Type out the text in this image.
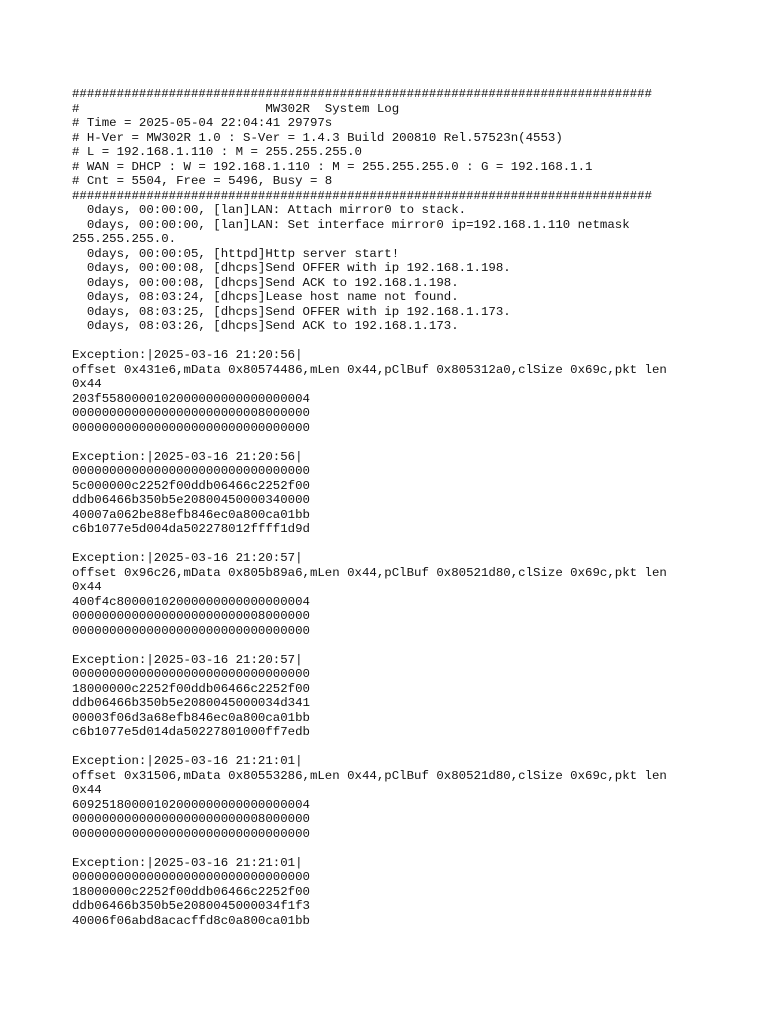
##############################################################################
#                         MW302R  System Log
# Time = 2025-05-04 22:04:41 29797s
# H-Ver = MW302R 1.0 : S-Ver = 1.4.3 Build 200810 Rel.57523n(4553)
# L = 192.168.1.110 : M = 255.255.255.0
# WAN = DHCP : W = 192.168.1.110 : M = 255.255.255.0 : G = 192.168.1.1
# Cnt = 5504, Free = 5496, Busy = 8
##############################################################################
0days, 00:00:00, [lan]LAN: Attach mirror0 to stack.
0days, 00:00:00, [lan]LAN: Set interface mirror0 ip=192.168.1.110 netmask
255.255.255.0.
0days, 00:00:05, [httpd]Http server start!
0days, 00:00:08, [dhcps]Send OFFER with ip 192.168.1.198.
0days, 00:00:08, [dhcps]Send ACK to 192.168.1.198.
0days, 08:03:24, [dhcps]Lease host name not found.
0days, 08:03:25, [dhcps]Send OFFER with ip 192.168.1.173.
0days, 08:03:26, [dhcps]Send ACK to 192.168.1.173.
Exception:|2025-03-16 21:20:56|
offset 0x431e6,mData 0x80574486,mLen 0x44,pClBuf 0x805312a0,clSize 0x69c,pkt len
0x44
203f5580000102000000000000000004
00000000000000000000000008000000
00000000000000000000000000000000
Exception:|2025-03-16 21:20:56|
00000000000000000000000000000000
5c000000c2252f00ddb06466c2252f00
ddb06466b350b5e20800450000340000
40007a062be88efb846ec0a800ca01bb
c6b1077e5d004da502278012ffff1d9d
Exception:|2025-03-16 21:20:57|
offset 0x96c26,mData 0x805b89a6,mLen 0x44,pClBuf 0x80521d80,clSize 0x69c,pkt len
0x44
400f4c80000102000000000000000004
00000000000000000000000008000000
00000000000000000000000000000000
Exception:|2025-03-16 21:20:57|
00000000000000000000000000000000
18000000c2252f00ddb06466c2252f00
ddb06466b350b5e2080045000034d341
00003f06d3a68efb846ec0a800ca01bb
c6b1077e5d014da50227801000ff7edb
Exception:|2025-03-16 21:21:01|
offset 0x31506,mData 0x80553286,mLen 0x44,pClBuf 0x80521d80,clSize 0x69c,pkt len
0x44
60925180000102000000000000000004
00000000000000000000000008000000
00000000000000000000000000000000
Exception:|2025-03-16 21:21:01|
00000000000000000000000000000000
18000000c2252f00ddb06466c2252f00
ddb06466b350b5e2080045000034f1f3
40006f06abd8acacffd8c0a800ca01bb
